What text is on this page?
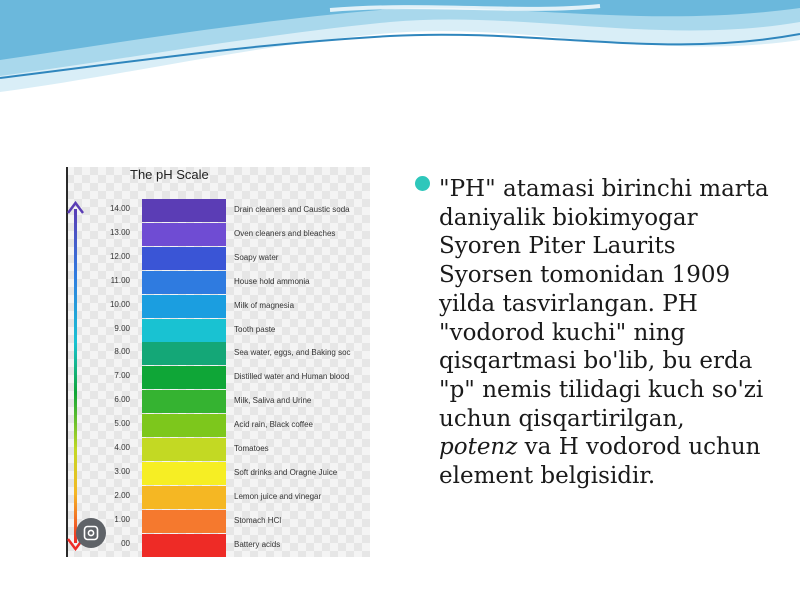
The pH Scale
14.00	Drain cleaners and Caustic soda
13.00	Oven cleaners and bleaches
12.00	Soapy water
11.00	House hold ammonia
10.00	Milk of magnesia
9.00	Tooth paste
8.00	Sea water, eggs, and Baking soc
7.00	Distilled water and Human blood
6.00	Milk, Saliva and Urine
5.00	Acid rain, Black coffee
4.00	Tomatoes
3.00	Soft drinks and Oragne Juice
2.00	Lemon juice and vinegar
1.00	Stomach HCl
00	Battery acids
"PH" atamasi birinchi marta daniyalik biokimyogar Syoren Piter Laurits Syorsen tomonidan 1909 yilda tasvirlangan. PH "vodorod kuchi" ning qisqartmasi bo'lib, bu erda "p" nemis tilidagi kuch so'zi uchun qisqartirilgan, potenz va H vodorod uchun element belgisidir.
